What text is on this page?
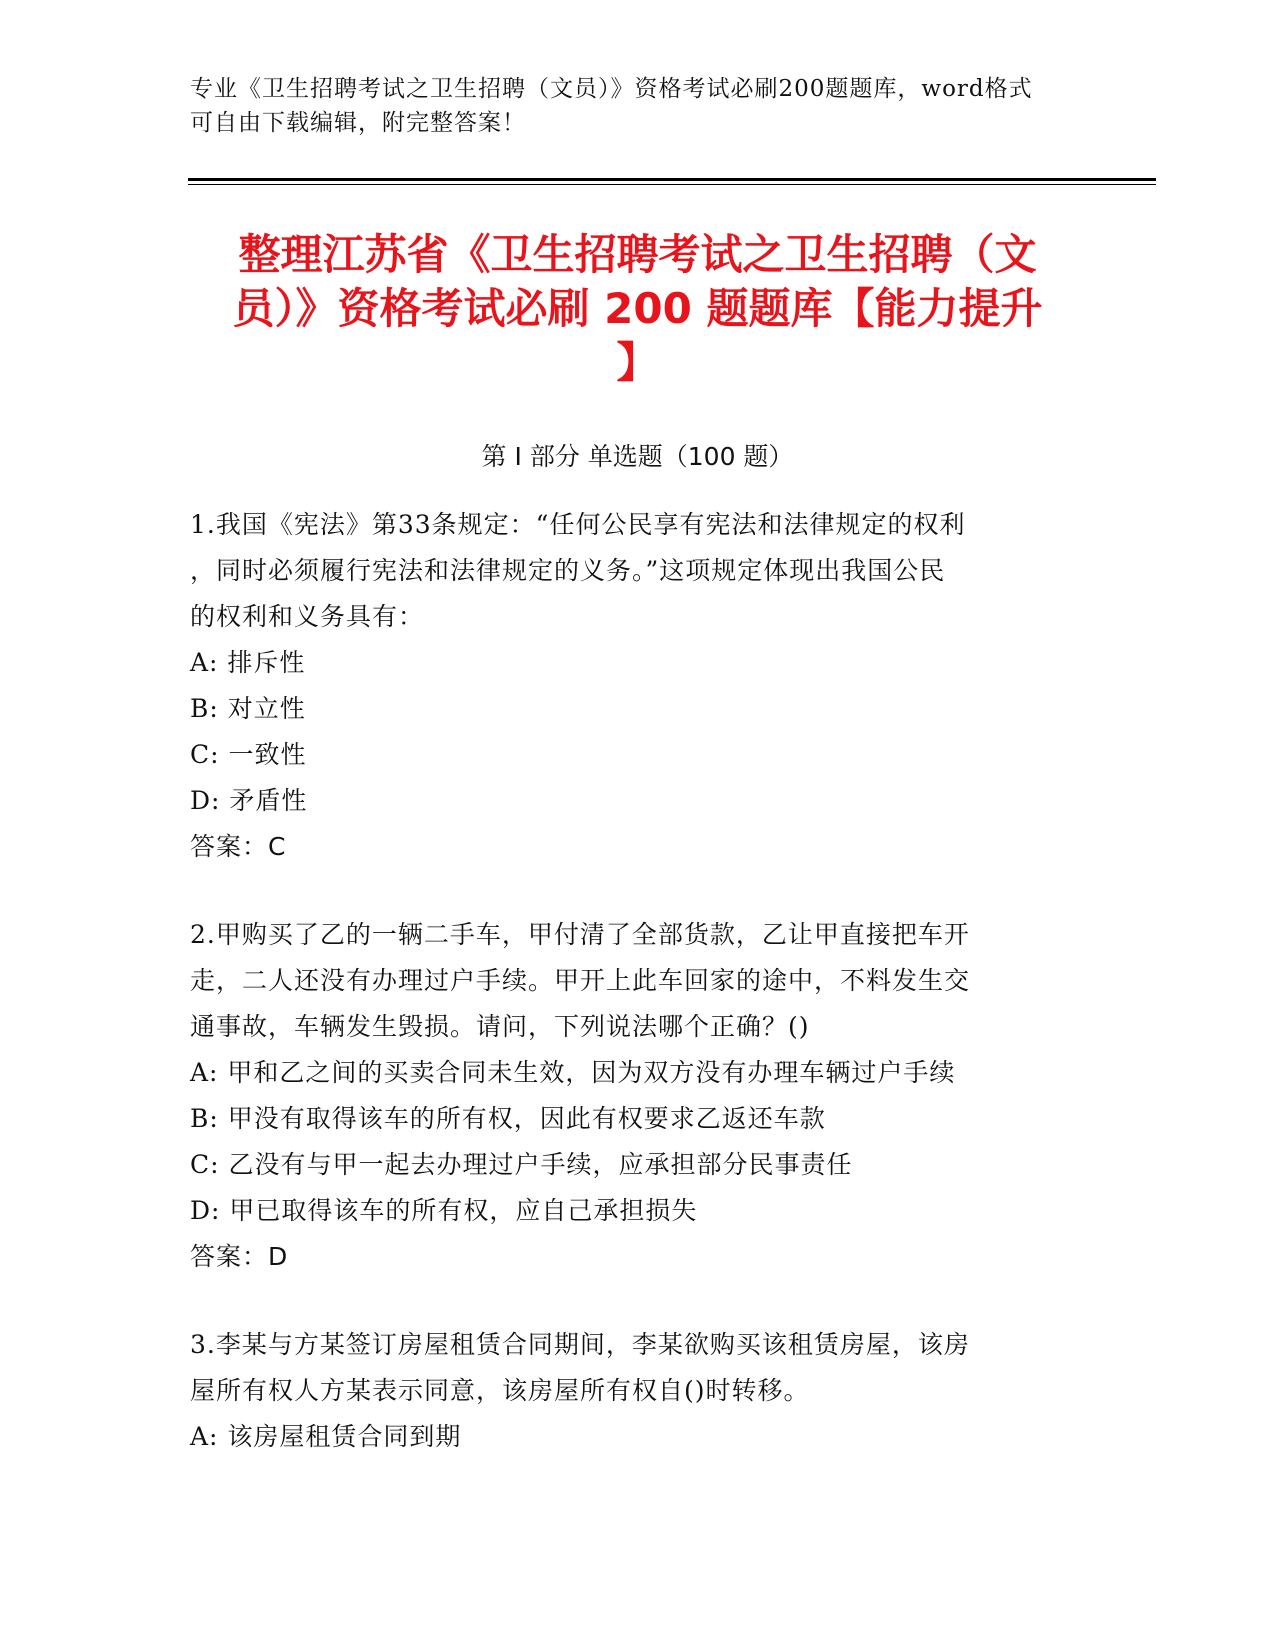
专业《卫生招聘考试之卫生招聘（文员）》资格考试必刷200题题库，word格式

可自由下载编辑，附完整答案！

整理江苏省《卫生招聘考试之卫生招聘（文
员）》资格考试必刷 200 题题库【能力提升
】
第 I 部分 单选题（100 题）

1.我国《宪法》第33条规定：“任何公民享有宪法和法律规定的权利

，同时必须履行宪法和法律规定的义务。”这项规定体现出我国公民

的权利和义务具有：

A: 排斥性

B: 对立性

C: 一致性

D: 矛盾性

答案：C

2.甲购买了乙的一辆二手车，甲付清了全部货款，乙让甲直接把车开

走，二人还没有办理过户手续。甲开上此车回家的途中，不料发生交

通事故，车辆发生毁损。请问，下列说法哪个正确？()

A: 甲和乙之间的买卖合同未生效，因为双方没有办理车辆过户手续

B: 甲没有取得该车的所有权，因此有权要求乙返还车款

C: 乙没有与甲一起去办理过户手续，应承担部分民事责任

D: 甲已取得该车的所有权，应自己承担损失

答案：D

3.李某与方某签订房屋租赁合同期间，李某欲购买该租赁房屋，该房

屋所有权人方某表示同意，该房屋所有权自()时转移。

A: 该房屋租赁合同到期
